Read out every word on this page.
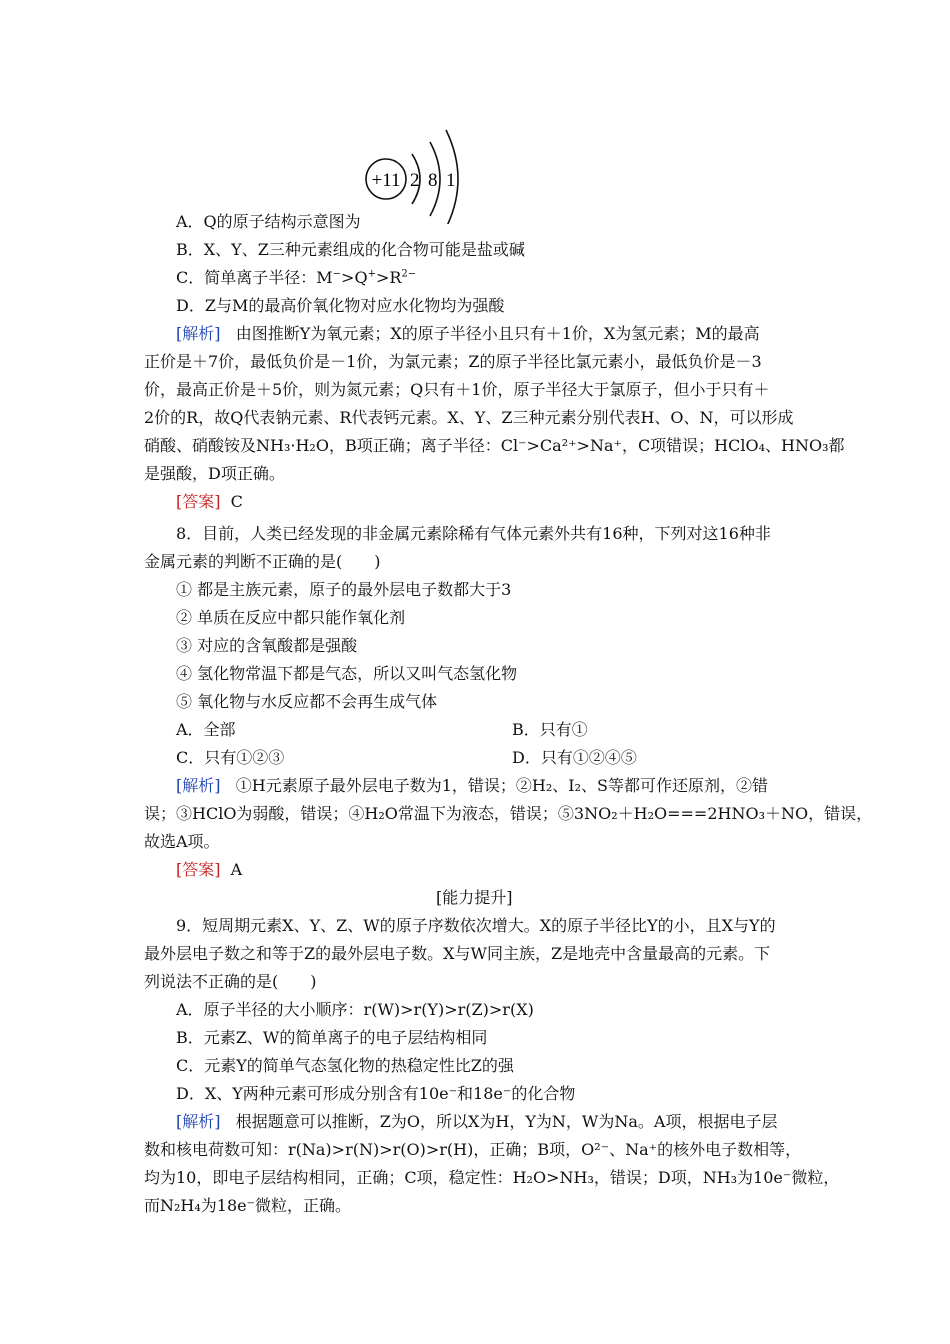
+11 2 8 1
A．Q的原子结构示意图为
B．X、Y、Z三种元素组成的化合物可能是盐或碱
C．简单离子半径：$M^->Q^+>R^{2-}$
D．Z与M的最高价氧化物对应水化物均为强酸
[解析] 由图推断Y为氧元素；X的原子半径小且只有＋1价，X为氢元素；M的最高
正价是＋7价，最低负价是－1价，为氯元素；Z的原子半径比氯元素小，最低负价是－3
价，最高正价是＋5价，则为氮元素；Q只有＋1价，原子半径大于氯原子，但小于只有＋
2价的R，故Q代表钠元素、R代表钙元素。X、Y、Z三种元素分别代表H、O、N，可以形成
硝酸、硝酸铵及NH₃·H₂O，B项正确；离子半径：Cl⁻>Ca²⁺>Na⁺，C项错误；HClO₄、HNO₃都
是强酸，D项正确。
[答案] C
8．目前，人类已经发现的非金属元素除稀有气体元素外共有16种，下列对这16种非
金属元素的判断不正确的是(　　)
① 都是主族元素，原子的最外层电子数都大于3
② 单质在反应中都只能作氧化剂
③ 对应的含氧酸都是强酸
④ 氢化物常温下都是气态，所以又叫气态氢化物
⑤ 氧化物与水反应都不会再生成气体
A．全部	B．只有①
C．只有①②③	D．只有①②④⑤
[解析] ①H元素原子最外层电子数为1，错误；②H₂、I₂、S等都可作还原剂，②错
误；③HClO为弱酸，错误；④H₂O常温下为液态，错误；⑤3NO₂＋H₂O===2HNO₃＋NO，错误，
故选A项。
[答案] A
[能力提升]
9．短周期元素X、Y、Z、W的原子序数依次增大。X的原子半径比Y的小，且X与Y的
最外层电子数之和等于Z的最外层电子数。X与W同主族，Z是地壳中含量最高的元素。下
列说法不正确的是(　　)
A．原子半径的大小顺序：r(W)>r(Y)>r(Z)>r(X)
B．元素Z、W的简单离子的电子层结构相同
C．元素Y的简单气态氢化物的热稳定性比Z的强
D．X、Y两种元素可形成分别含有10e⁻和18e⁻的化合物
[解析] 根据题意可以推断，Z为O，所以X为H，Y为N，W为Na。A项，根据电子层
数和核电荷数可知：r(Na)>r(N)>r(O)>r(H)，正确；B项，O²⁻、Na⁺的核外电子数相等，
均为10，即电子层结构相同，正确；C项，稳定性：H₂O>NH₃，错误；D项，NH₃为10e⁻微粒，
而N₂H₄为18e⁻微粒，正确。
